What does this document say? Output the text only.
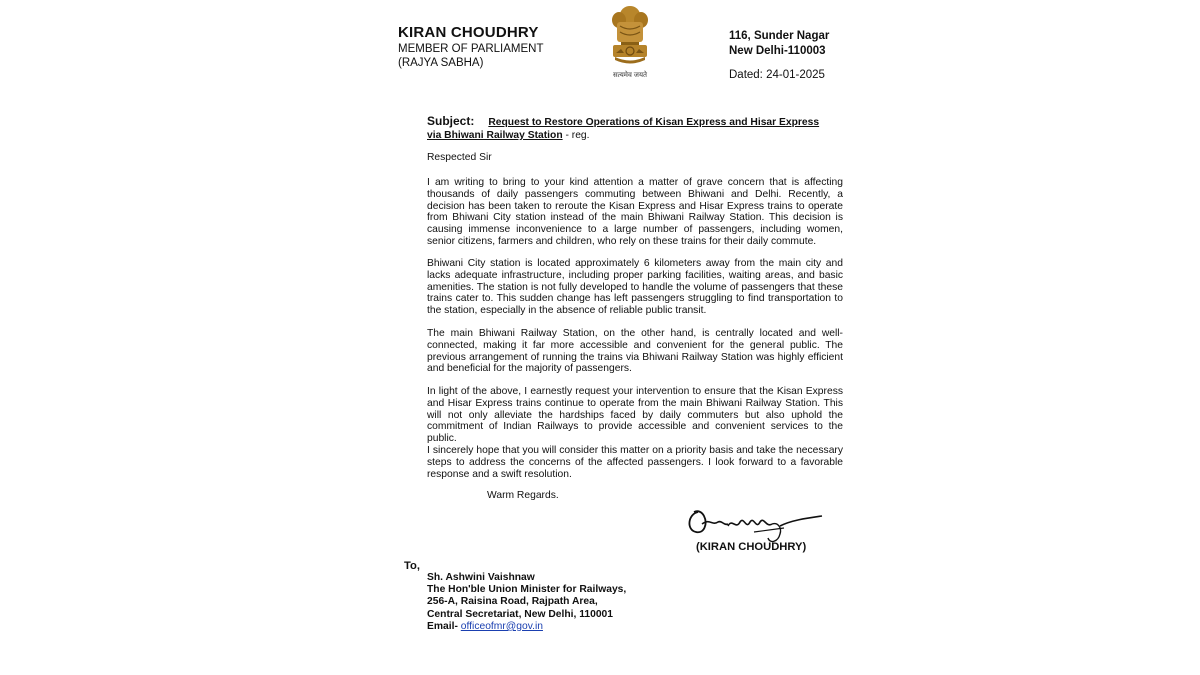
KIRAN CHOUDHRY
MEMBER OF PARLIAMENT
(RAJYA SABHA)
सत्यमेव जयते
116, Sunder Nagar
New Delhi-110003
Dated: 24-01-2025
Subject: Request to Restore Operations of Kisan Express and Hisar Express via Bhiwani Railway Station - reg.
Respected Sir
I am writing to bring to your kind attention a matter of grave concern that is affecting thousands of daily passengers commuting between Bhiwani and Delhi. Recently, a decision has been taken to reroute the Kisan Express and Hisar Express trains to operate from Bhiwani City station instead of the main Bhiwani Railway Station. This decision is causing immense inconvenience to a large number of passengers, including women, senior citizens, farmers and children, who rely on these trains for their daily commute.
Bhiwani City station is located approximately 6 kilometers away from the main city and lacks adequate infrastructure, including proper parking facilities, waiting areas, and basic amenities. The station is not fully developed to handle the volume of passengers that these trains cater to. This sudden change has left passengers struggling to find transportation to the station, especially in the absence of reliable public transit.
The main Bhiwani Railway Station, on the other hand, is centrally located and well-connected, making it far more accessible and convenient for the general public. The previous arrangement of running the trains via Bhiwani Railway Station was highly efficient and beneficial for the majority of passengers.
In light of the above, I earnestly request your intervention to ensure that the Kisan Express and Hisar Express trains continue to operate from the main Bhiwani Railway Station. This will not only alleviate the hardships faced by daily commuters but also uphold the commitment of Indian Railways to provide accessible and convenient services to the public.
I sincerely hope that you will consider this matter on a priority basis and take the necessary steps to address the concerns of the affected passengers. I look forward to a favorable response and a swift resolution.
Warm Regards.
(KIRAN CHOUDHRY)
To,
Sh. Ashwini Vaishnaw
The Hon'ble Union Minister for Railways,
256-A, Raisina Road, Rajpath Area,
Central Secretariat, New Delhi, 110001
Email- officeofmr@gov.in
